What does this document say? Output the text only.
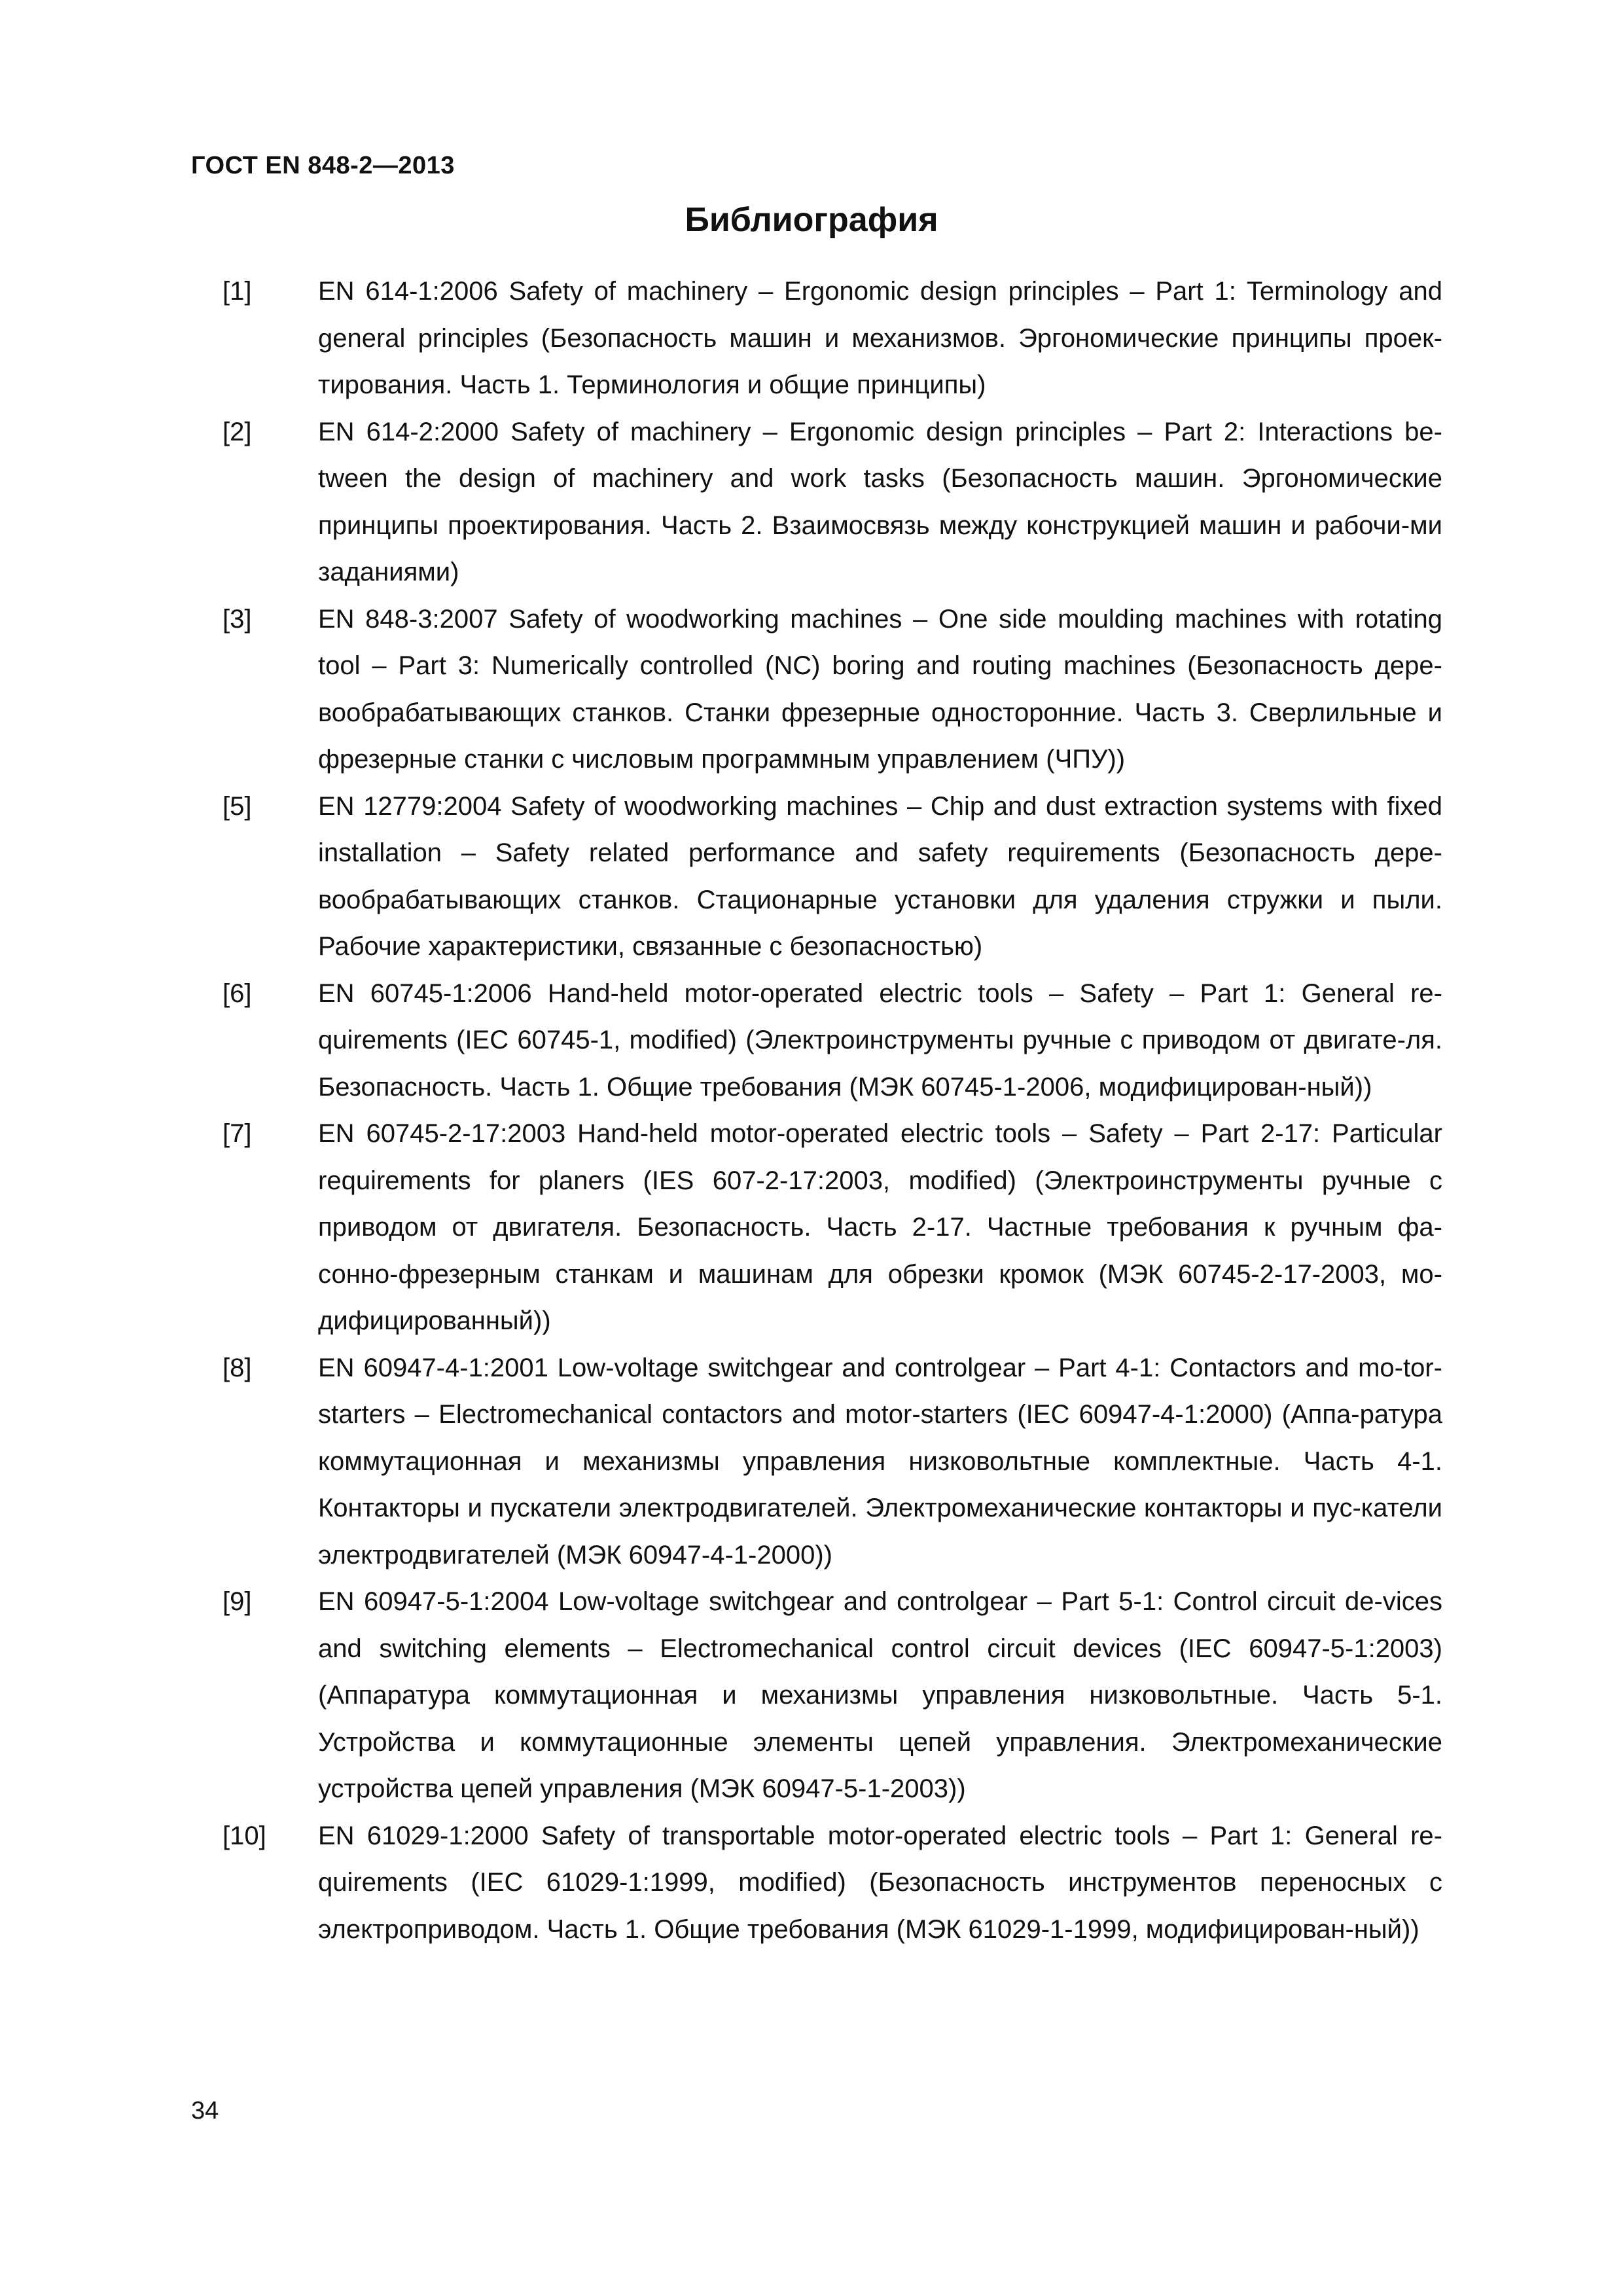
ГОСТ EN 848-2—2013
Библиография
[1]	EN 614-1:2006 Safety of machinery – Ergonomic design principles – Part 1: Terminology and general principles (Безопасность машин и механизмов. Эргономические принципы проек-тирования. Часть 1. Терминология и общие принципы)
[2]	EN 614-2:2000 Safety of machinery – Ergonomic design principles – Part 2: Interactions be-tween the design of machinery and work tasks (Безопасность машин. Эргономические принципы проектирования. Часть 2. Взаимосвязь между конструкцией машин и рабочи-ми заданиями)
[3]	EN 848-3:2007 Safety of woodworking machines – One side moulding machines with rotating tool – Part 3: Numerically controlled (NC) boring and routing machines (Безопасность дере-вообрабатывающих станков. Станки фрезерные односторонние. Часть 3. Сверлильные и фрезерные станки с числовым программным управлением (ЧПУ))
[5]	EN 12779:2004 Safety of woodworking machines – Chip and dust extraction systems with fixed installation – Safety related performance and safety requirements (Безопасность дере-вообрабатывающих станков. Стационарные установки для удаления стружки и пыли. Рабочие характеристики, связанные с безопасностью)
[6]	EN 60745-1:2006 Hand-held motor-operated electric tools – Safety – Part 1: General re-quirements (IEC 60745-1, modified) (Электроинструменты ручные с приводом от двигате-ля. Безопасность. Часть 1. Общие требования (МЭК 60745-1-2006, модифицирован-ный))
[7]	EN 60745-2-17:2003 Hand-held motor-operated electric tools – Safety – Part 2-17: Particular requirements for planers (IES 607-2-17:2003, modified) (Электроинструменты ручные с приводом от двигателя. Безопасность. Часть 2-17. Частные требования к ручным фа-сонно-фрезерным станкам и машинам для обрезки кромок (МЭК 60745-2-17-2003, мо-дифицированный))
[8]	EN 60947-4-1:2001 Low-voltage switchgear and controlgear – Part 4-1: Contactors and mo-tor-starters – Electromechanical contactors and motor-starters (IEC 60947-4-1:2000) (Аппа-ратура коммутационная и механизмы управления низковольтные комплектные. Часть 4-1. Контакторы и пускатели электродвигателей. Электромеханические контакторы и пус-катели электродвигателей (МЭК 60947-4-1-2000))
[9]	EN 60947-5-1:2004 Low-voltage switchgear and controlgear – Part 5-1: Control circuit de-vices and switching elements – Electromechanical control circuit devices (IEC 60947-5-1:2003) (Аппаратура коммутационная и механизмы управления низковольтные. Часть 5-1. Устройства и коммутационные элементы цепей управления. Электромеханические устройства цепей управления (МЭК 60947-5-1-2003))
[10]	EN 61029-1:2000 Safety of transportable motor-operated electric tools – Part 1: General re-quirements (IEC 61029-1:1999, modified) (Безопасность инструментов переносных с электроприводом. Часть 1. Общие требования (МЭК 61029-1-1999, модифицирован-ный))
34
